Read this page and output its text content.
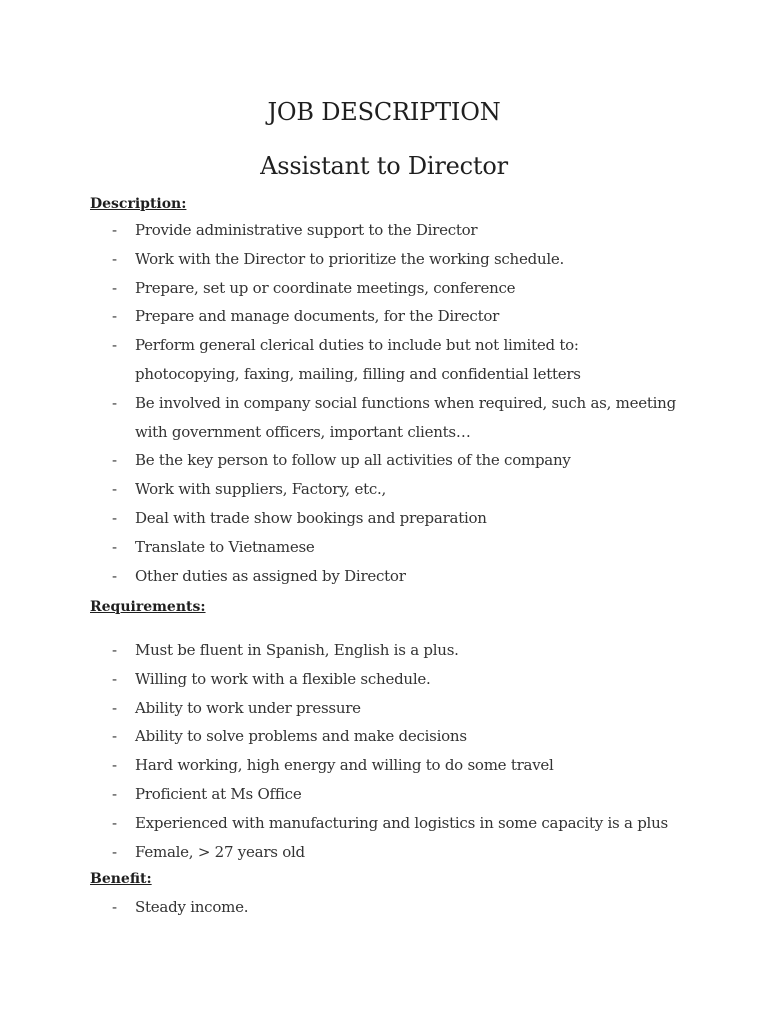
JOB DESCRIPTION
Assistant to Director
Description:
- Provide administrative support to the Director
- Work with the Director to prioritize the working schedule.
- Prepare, set up or coordinate meetings, conference
- Prepare and manage documents, for the Director
- Perform general clerical duties to include but not limited to: photocopying, faxing, mailing, filling and confidential letters
- Be involved in company social functions when required, such as, meeting with government officers, important clients…
- Be the key person to follow up all activities of the company
- Work with suppliers, Factory, etc.,
- Deal with trade show bookings and preparation
- Translate to Vietnamese
- Other duties as assigned by Director
Requirements:
- Must be fluent in Spanish, English is a plus.
- Willing to work with a flexible schedule.
- Ability to work under pressure
- Ability to solve problems and make decisions
- Hard working, high energy and willing to do some travel
- Proficient at Ms Office
- Experienced with manufacturing and logistics in some capacity is a plus
- Female, > 27 years old
Benefit:
- Steady income.
